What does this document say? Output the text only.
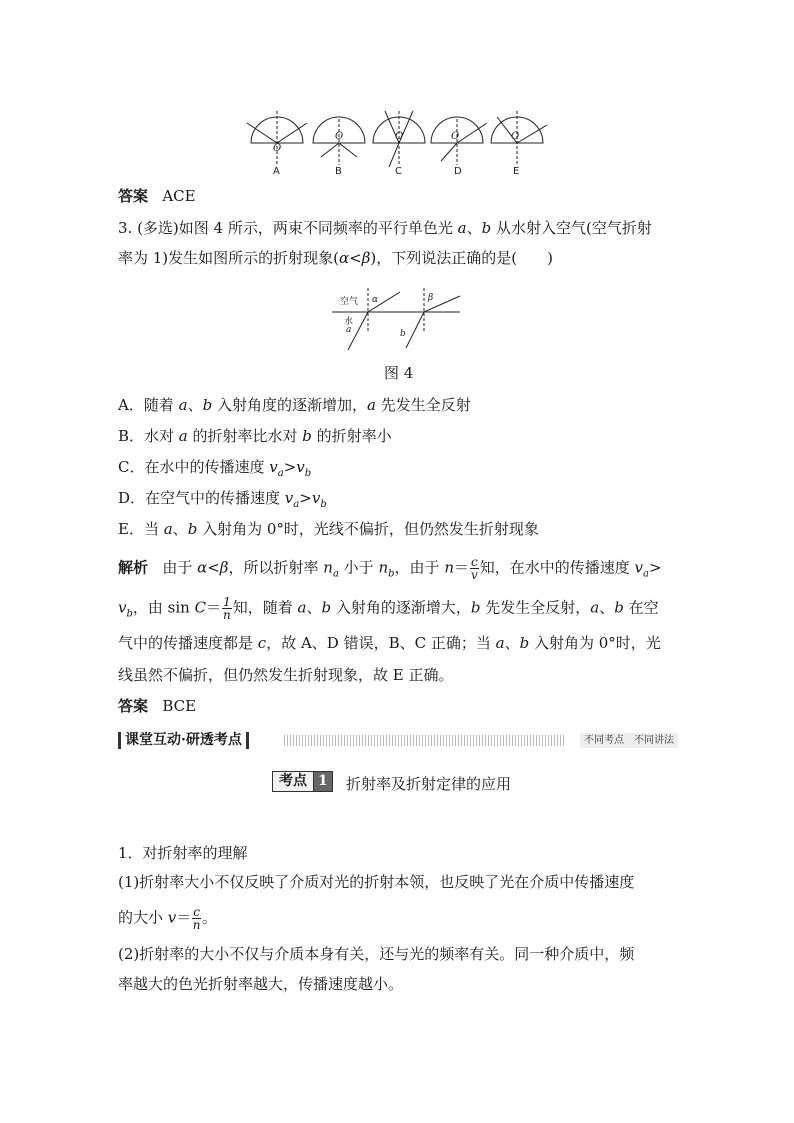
O
O	O	O	O
A	B	C	D	E
答案 ACE
3. (多选)如图 4 所示，两束不同频率的平行单色光 a、b 从水射入空气(空气折射
率为 1)发生如图所示的折射现象(α<β)，下列说法正确的是(　　)
空气
水
α	β
a	b
图 4
A．随着 a、b 入射角度的逐渐增加，a 先发生全反射
B．水对 a 的折射率比水对 b 的折射率小
C．在水中的传播速度 $v_a>v_b$
D．在空气中的传播速度 $v_a>v_b$
E．当 a、b 入射角为 0°时，光线不偏折，但仍然发生折射现象
解析 由于 α<β，所以折射率 $n_a$ 小于 $n_b$，由于 $n= \frac{c}{v}$ 知，在水中的传播速度 $v_a>$
$v_b$，由 $\sin C= \frac{1}{n}$ 知，随着 a、b 入射角的逐渐增大，b 先发生全反射，a、b 在空
气中的传播速度都是 c，故 A、D 错误，B、C 正确；当 a、b 入射角为 0°时，光
线虽然不偏折，但仍然发生折射现象，故 E 正确。
答案 BCE
课堂互动·研透考点	不同考点　不同讲法
考点 1	折射率及折射定律的应用
1．对折射率的理解
(1)折射率大小不仅反映了介质对光的折射本领，也反映了光在介质中传播速度
的大小 $v= \frac{c}{n}$ 。
(2)折射率的大小不仅与介质本身有关，还与光的频率有关。同一种介质中，频
率越大的色光折射率越大，传播速度越小。
